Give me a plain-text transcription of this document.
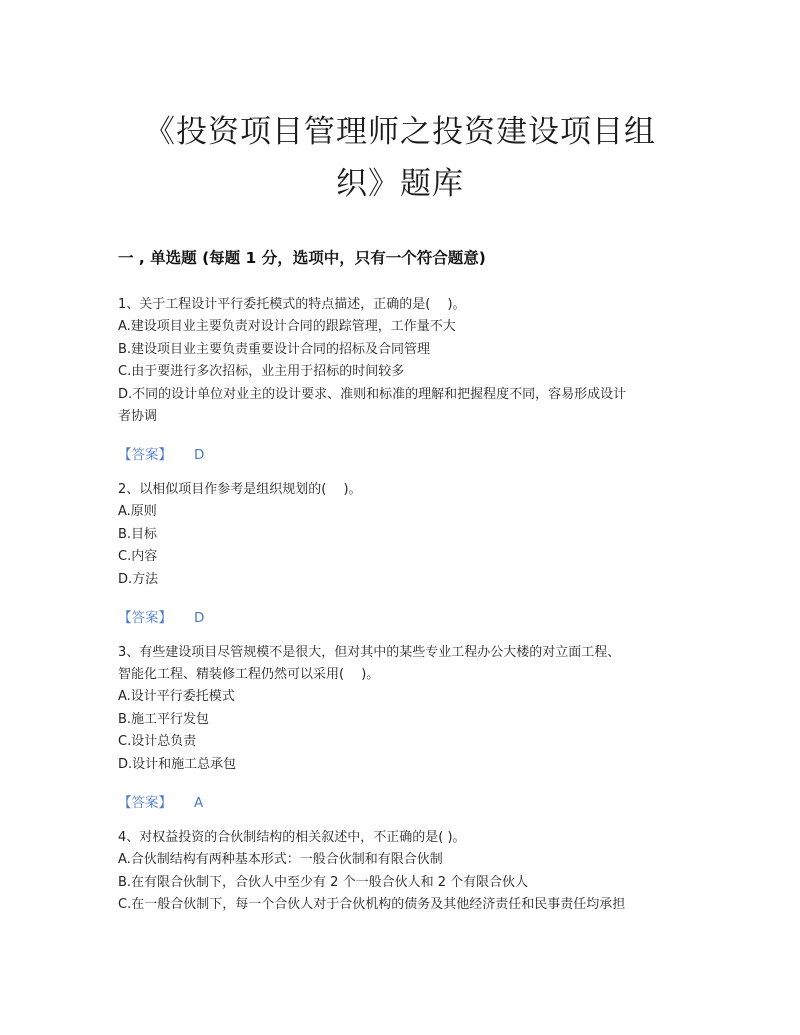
《投资项目管理师之投资建设项目组
织》题库
一 , 单选题 (每题 1 分，选项中，只有一个符合题意)
1、关于工程设计平行委托模式的特点描述，正确的是(　 )。
A.建设项目业主要负责对设计合同的跟踪管理，工作量不大
B.建设项目业主要负责重要设计合同的招标及合同管理
C.由于要进行多次招标，业主用于招标的时间较多
D.不同的设计单位对业主的设计要求、准则和标准的理解和把握程度不同，容易形成设计
者协调
【答案】 D
2、以相似项目作参考是组织规划的(　 )。
A.原则
B.目标
C.内容
D.方法
【答案】 D
3、有些建设项目尽管规模不是很大，但对其中的某些专业工程办公大楼的对立面工程、
智能化工程、精装修工程仍然可以采用(　 )。
A.设计平行委托模式
B.施工平行发包
C.设计总负责
D.设计和施工总承包
【答案】 A
4、对权益投资的合伙制结构的相关叙述中，不正确的是( )。
A.合伙制结构有两种基本形式：一般合伙制和有限合伙制
B.在有限合伙制下，合伙人中至少有 2 个一般合伙人和 2 个有限合伙人
C.在一般合伙制下，每一个合伙人对于合伙机构的债务及其他经济责任和民事责任均承担
